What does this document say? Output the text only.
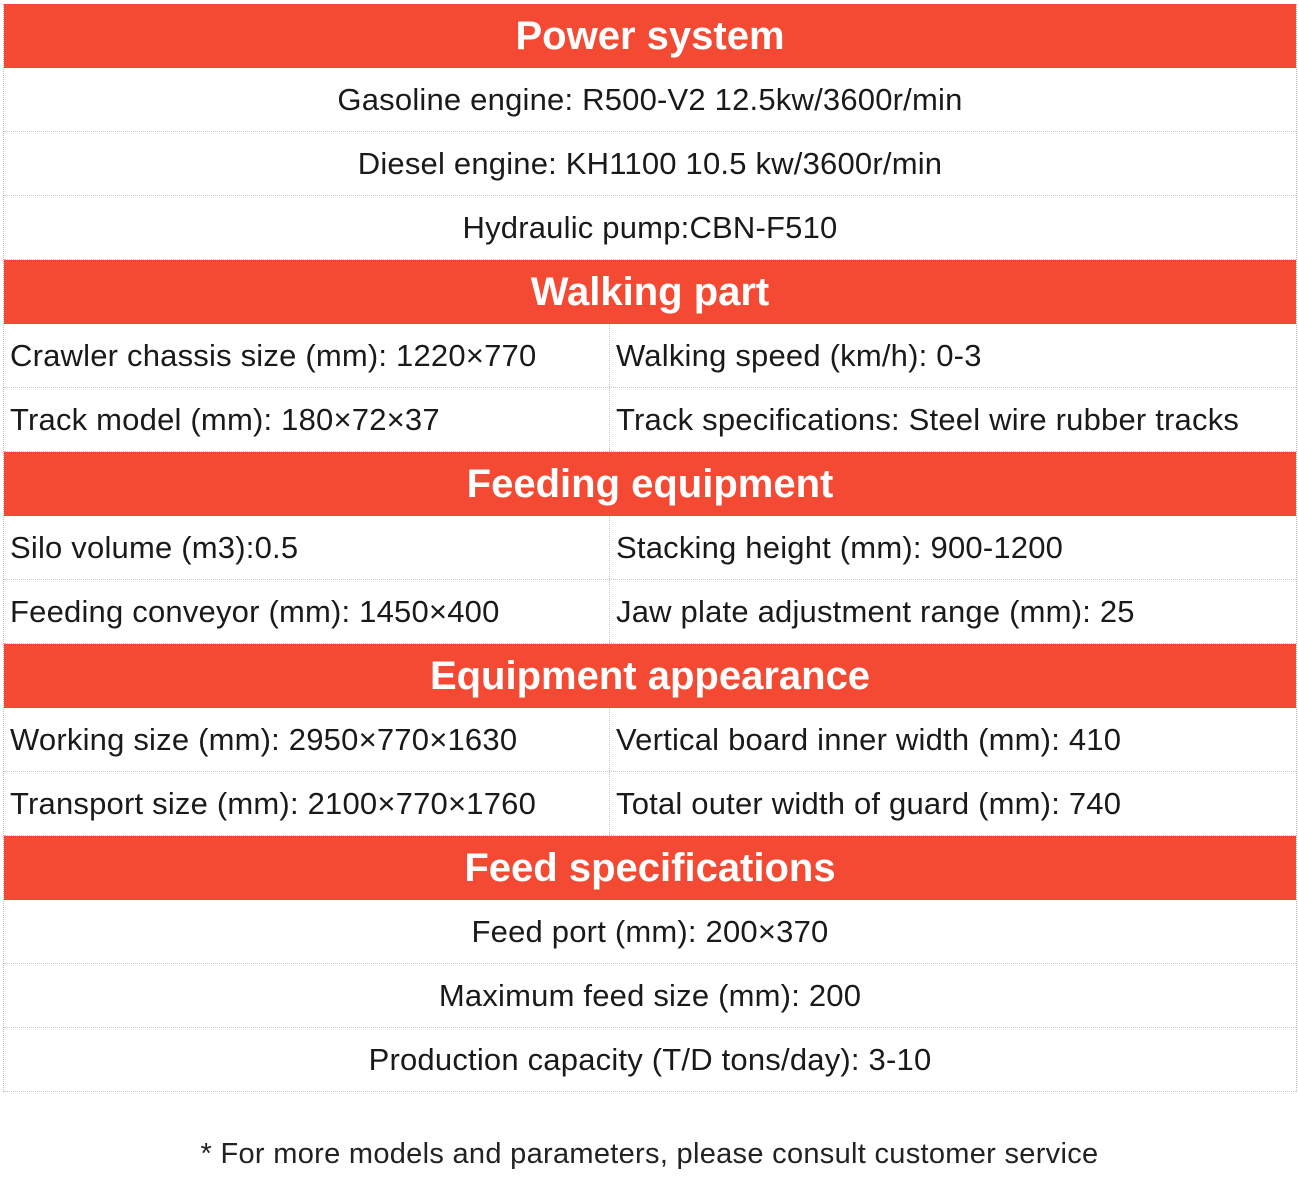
Power system
Gasoline engine: R500-V2 12.5kw/3600r/min
Diesel engine: KH1100 10.5 kw/3600r/min
Hydraulic pump:CBN-F510
Walking part
Crawler chassis size (mm): 1220×770	Walking speed (km/h): 0-3
Track model (mm): 180×72×37	Track specifications: Steel wire rubber tracks
Feeding equipment
Silo volume (m3):0.5	Stacking height (mm): 900-1200
Feeding conveyor (mm): 1450×400	Jaw plate adjustment range (mm): 25
Equipment appearance
Working size (mm): 2950×770×1630	Vertical board inner width (mm): 410
Transport size (mm): 2100×770×1760	Total outer width of guard (mm): 740
Feed specifications
Feed port (mm): 200×370
Maximum feed size (mm): 200
Production capacity (T/D tons/day): 3-10
* For more models and parameters, please consult customer service
